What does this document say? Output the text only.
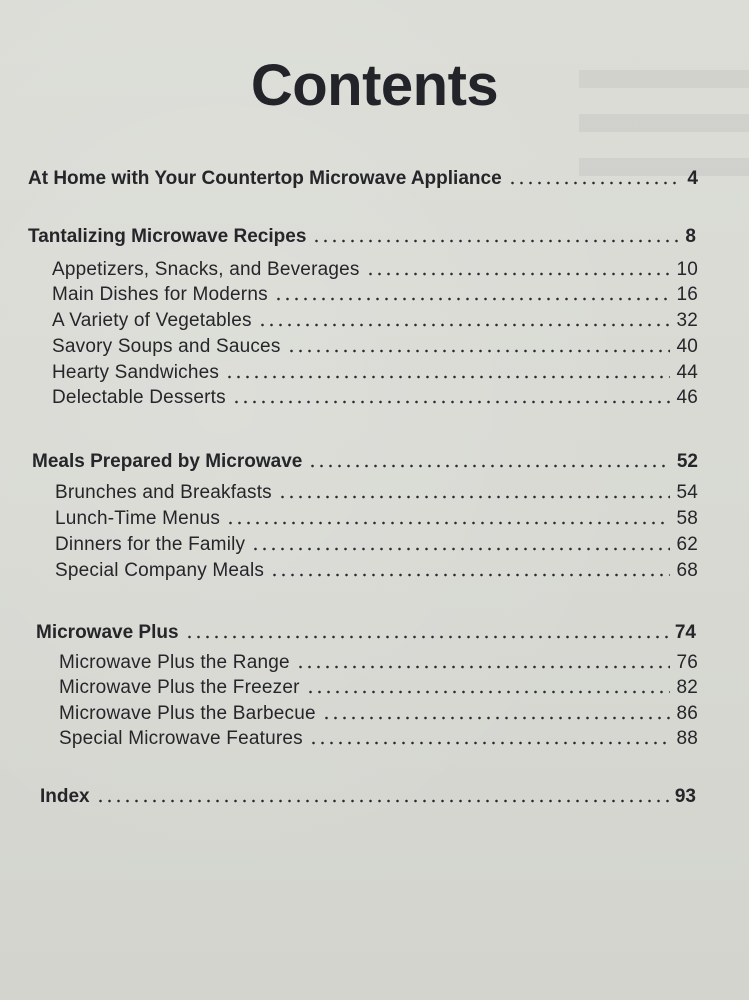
Contents
At Home with Your Countertop Microwave Appliance	4
Tantalizing Microwave Recipes	8
Appetizers, Snacks, and Beverages	10
Main Dishes for Moderns	16
A Variety of Vegetables	32
Savory Soups and Sauces	40
Hearty Sandwiches	44
Delectable Desserts	46
Meals Prepared by Microwave	52
Brunches and Breakfasts	54
Lunch-Time Menus	58
Dinners for the Family	62
Special Company Meals	68
Microwave Plus	74
Microwave Plus the Range	76
Microwave Plus the Freezer	82
Microwave Plus the Barbecue	86
Special Microwave Features	88
Index	93
